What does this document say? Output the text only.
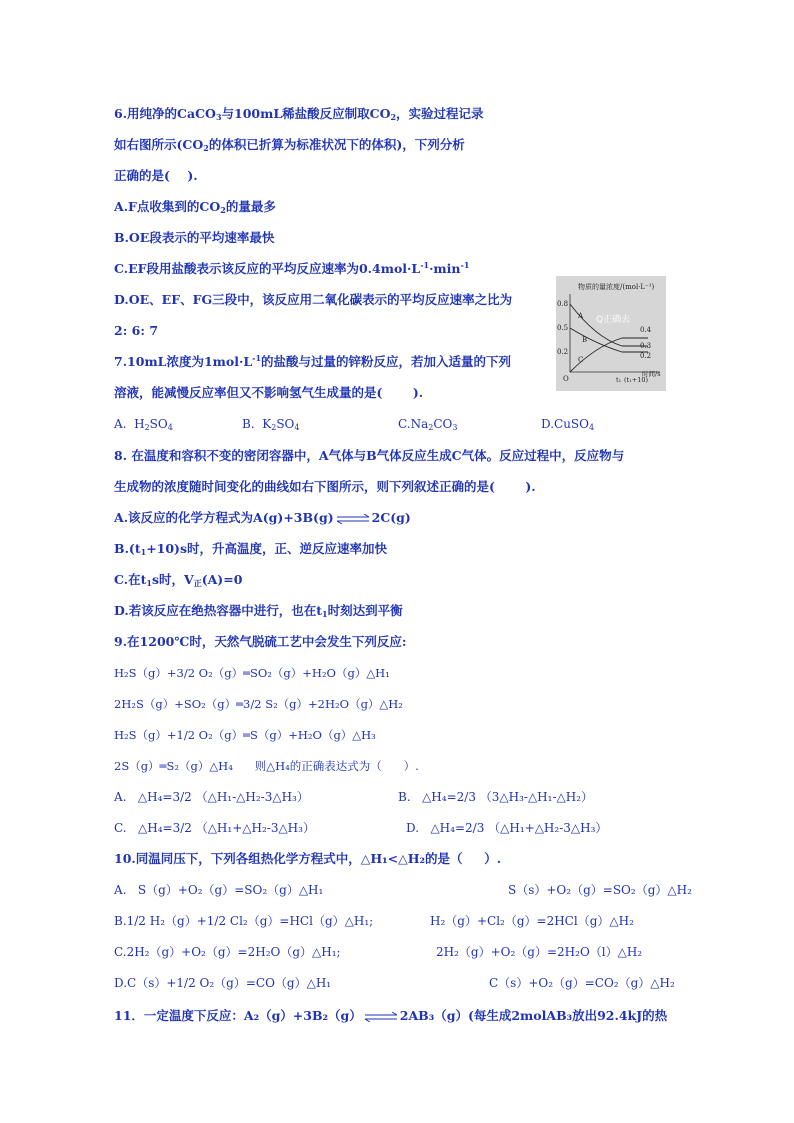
6.用纯净的CaCO$_3$与100mL稀盐酸反应制取$CO_2$，实验过程记录
如右图所示($CO_2$的体积已折算为标准状况下的体积)，下列分析
正确的是(    ).
A.F点收集到的$CO_2$的量最多
B.OE段表示的平均速率最快
C.EF段用盐酸表示该反应的平均反应速率为$0.4mol\cdot L^{-1}\cdot\min^{-1}$
D.OE、EF、FG三段中，该反应用二氧化碳表示的平均反应速率之比为
2: 6: 7
7.10mL浓度为$1mol\cdot L^{-1}$的盐酸与过量的锌粉反应，若加入适量的下列
溶液，能减慢反应率但又不影响氢气生成量的是(       ).
A.  $H_2SO_4$	B.  $K_2SO_4$	$C.Na_2CO_3$	D.CuSO$_4$
物质的量浓度/(mol·L⁻¹)
0.8
0.5
0.2
O
A
B
C
0.4
0.3
0.2
Q正确去
t₁ (t₁+10)
时间/s
8. 在温度和容积不变的密闭容器中，A气体与B气体反应生成C气体。反应过程中，反应物与
生成物的浓度随时间变化的曲线如右下图所示，则下列叙述正确的是(       ).
A.该反应的化学方程式为A(g)+3B(g) ⇌ 2C(g)
$B.(t_1+10)s$时，升高温度，正、逆反应速率加快
C.在$t_1s$时，$V_正(A)=0$
D.若该反应在绝热容器中进行，也在$t_1$时刻达到平衡
9.在1200℃时，天然气脱硫工艺中会发生下列反应:
H₂S（g）+3/2 O₂（g）═SO₂（g）+H₂O（g）△H₁
2H₂S（g）+SO₂（g）═3/2 S₂（g）+2H₂O（g）△H₂
H₂S（g）+1/2 O₂（g）═S（g）+H₂O（g）△H₃
2S（g）═S₂（g）△H₄      则△H₄的正确表达式为（      ）.
A.   △H₄=3/2 （△H₁-△H₂-3△H₃）	B.   △H₄=2/3 （3△H₃-△H₁-△H₂）
C.   △H₄=3/2 （△H₁+△H₂-3△H₃）	D.   △H₄=2/3 （△H₁+△H₂-3△H₃）
10.同温同压下，下列各组热化学方程式中，△H₁<△H₂的是（     ）.
A.   S（g）+O₂（g）=SO₂（g）△H₁	S（s）+O₂（g）=SO₂（g）△H₂
B.1/2 H₂（g）+1/2 Cl₂（g）=HCl（g）△H₁;	H₂（g）+Cl₂（g）=2HCl（g）△H₂
C.2H₂（g）+O₂（g）=2H₂O（g）△H₁;	2H₂（g）+O₂（g）=2H₂O（l）△H₂
D.C（s）+1/2 O₂（g）=CO（g）△H₁	C（s）+O₂（g）=CO₂（g）△H₂
11．一定温度下反应：A₂（g）+3B₂（g） ⇌ 2AB₃（g）(每生成2molAB₃放出92.4kJ的热
